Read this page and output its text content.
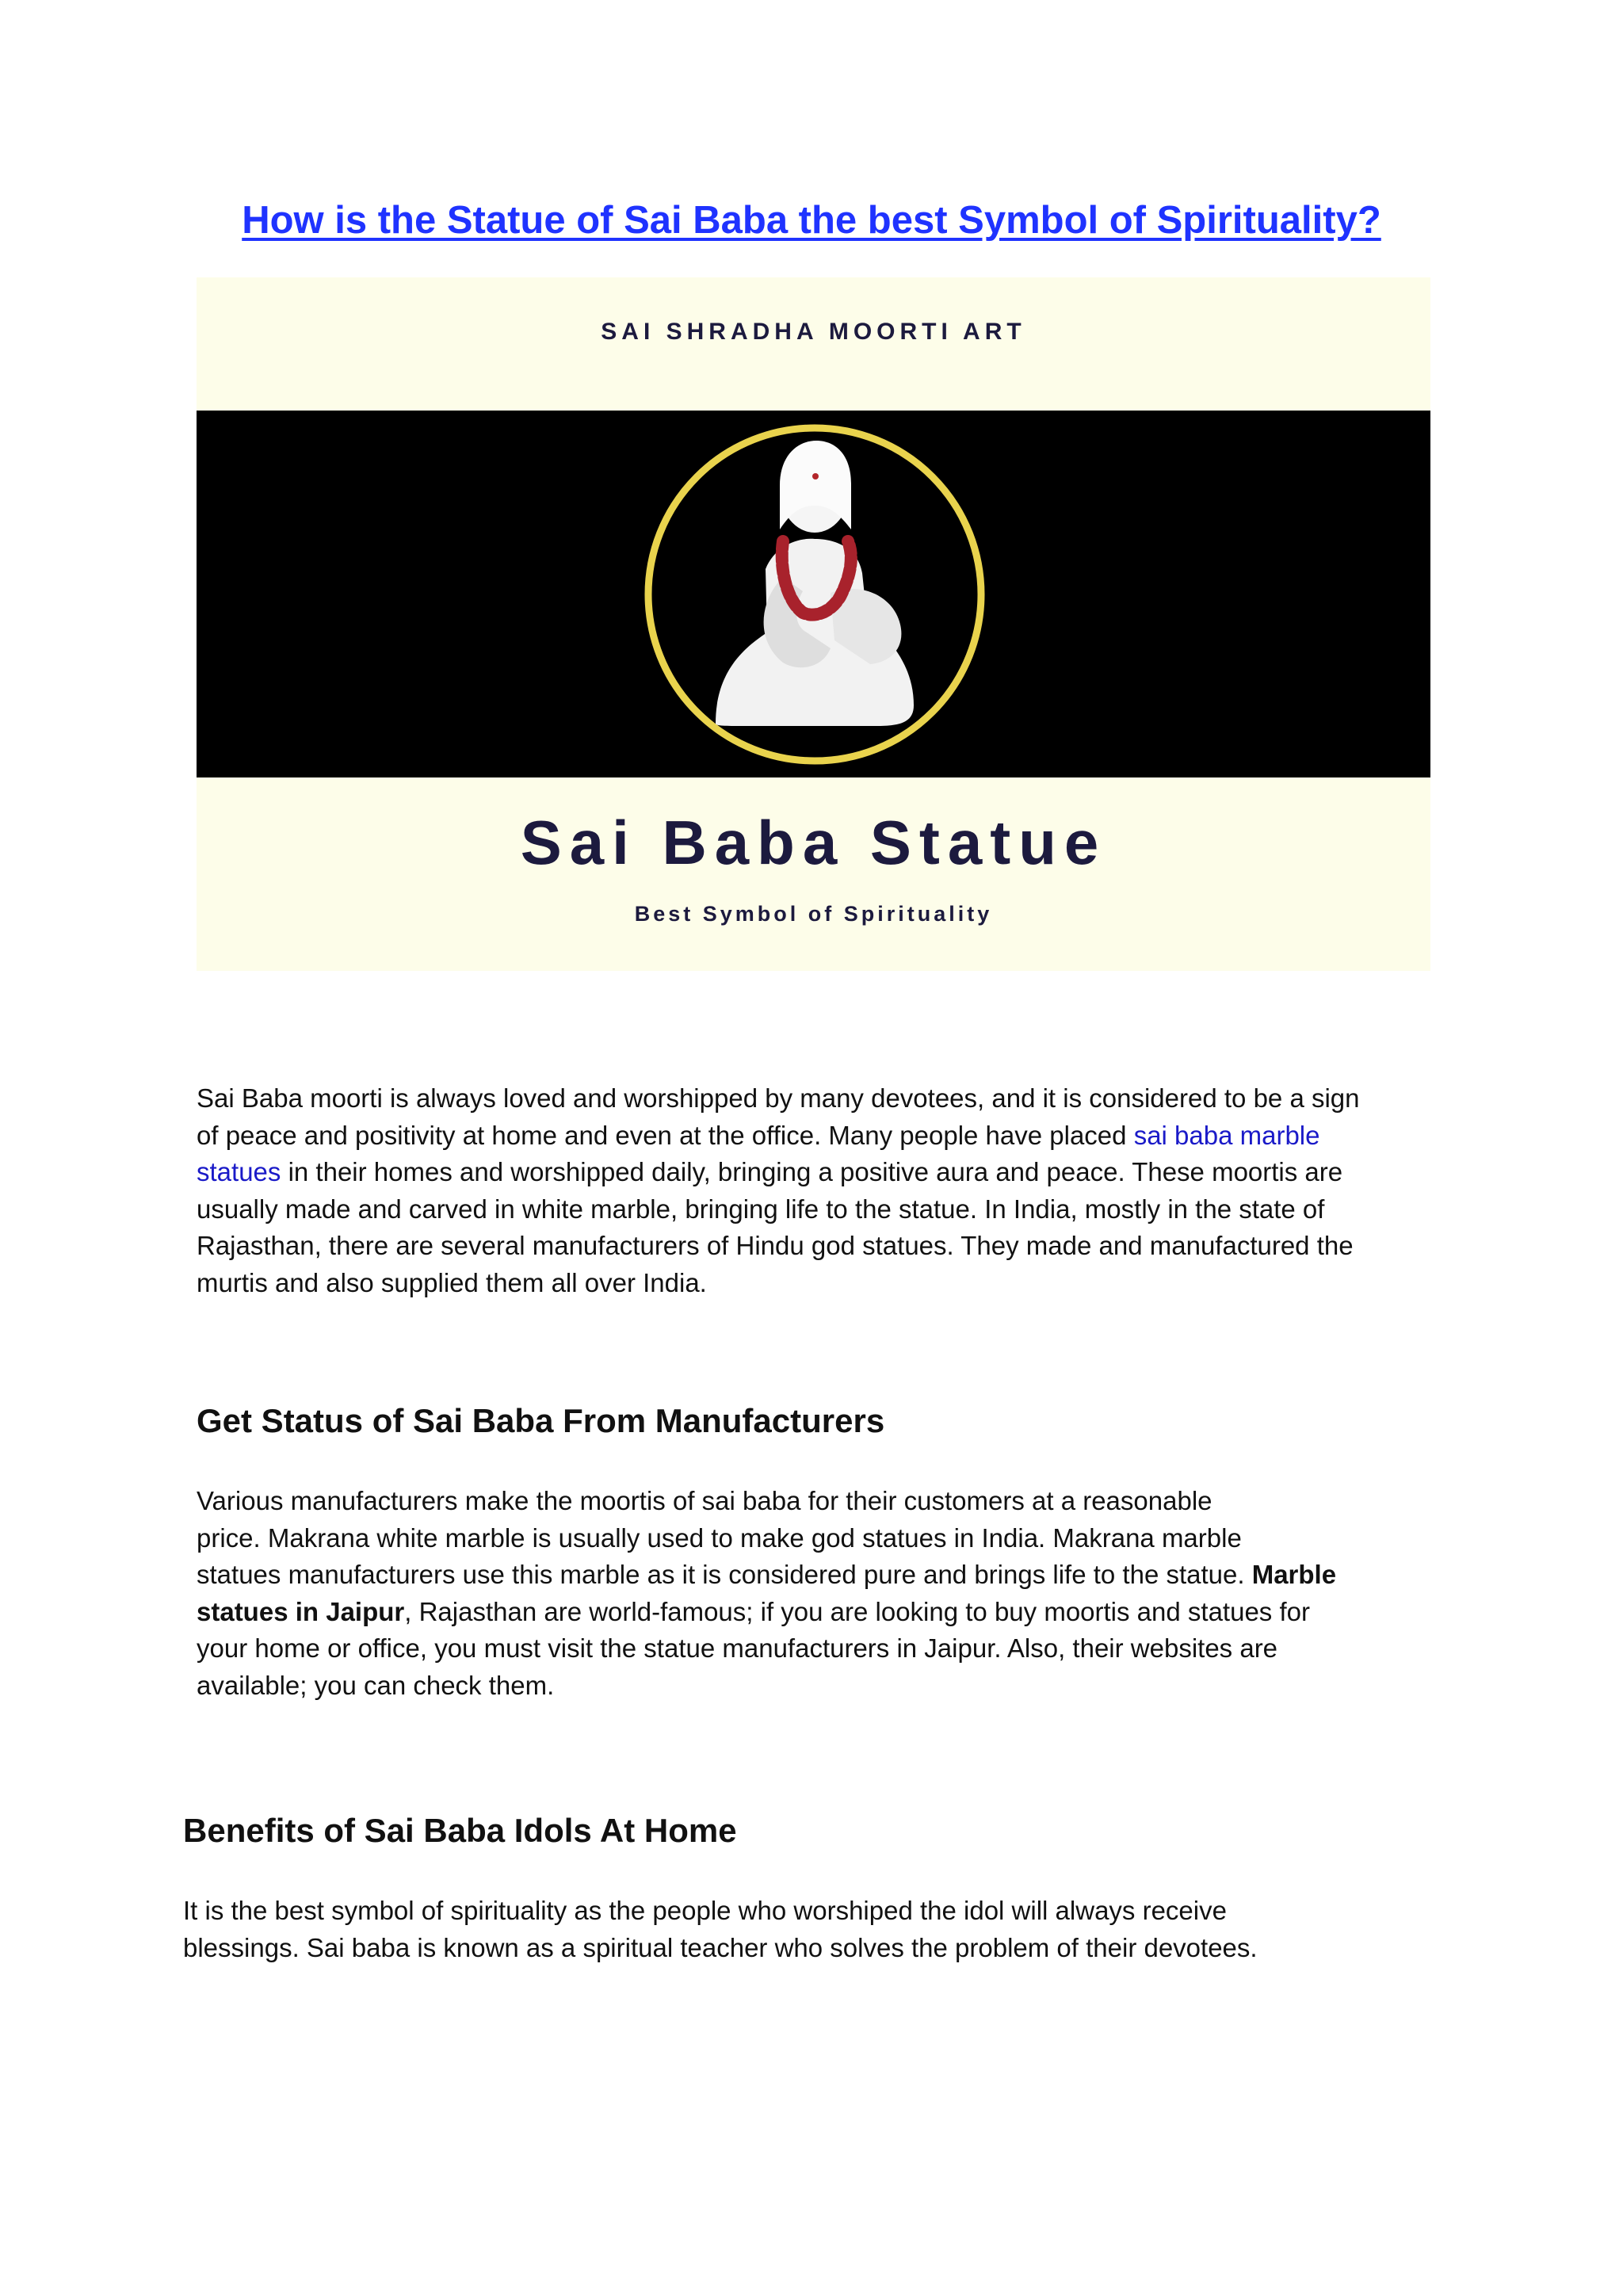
How is the Statue of Sai Baba the best Symbol of Spirituality?
SAI SHRADHA MOORTI ART
Sai Baba Statue
Best Symbol of Spirituality
Sai Baba moorti is always loved and worshipped by many devotees, and it is considered to be a sign
of peace and positivity at home and even at the office. Many people have placed sai baba marble
statues in their homes and worshipped daily, bringing a positive aura and peace. These moortis are
usually made and carved in white marble, bringing life to the statue. In India, mostly in the state of
Rajasthan, there are several manufacturers of Hindu god statues. They made and manufactured the
murtis and also supplied them all over India.
Get Status of Sai Baba From Manufacturers
Various manufacturers make the moortis of sai baba for their customers at a reasonable
price. Makrana white marble is usually used to make god statues in India. Makrana marble
statues manufacturers use this marble as it is considered pure and brings life to the statue. Marble
statues in Jaipur, Rajasthan are world-famous; if you are looking to buy moortis and statues for
your home or office, you must visit the statue manufacturers in Jaipur. Also, their websites are
available; you can check them.
Benefits of Sai Baba Idols At Home
It is the best symbol of spirituality as the people who worshiped the idol will always receive
blessings. Sai baba is known as a spiritual teacher who solves the problem of their devotees.
